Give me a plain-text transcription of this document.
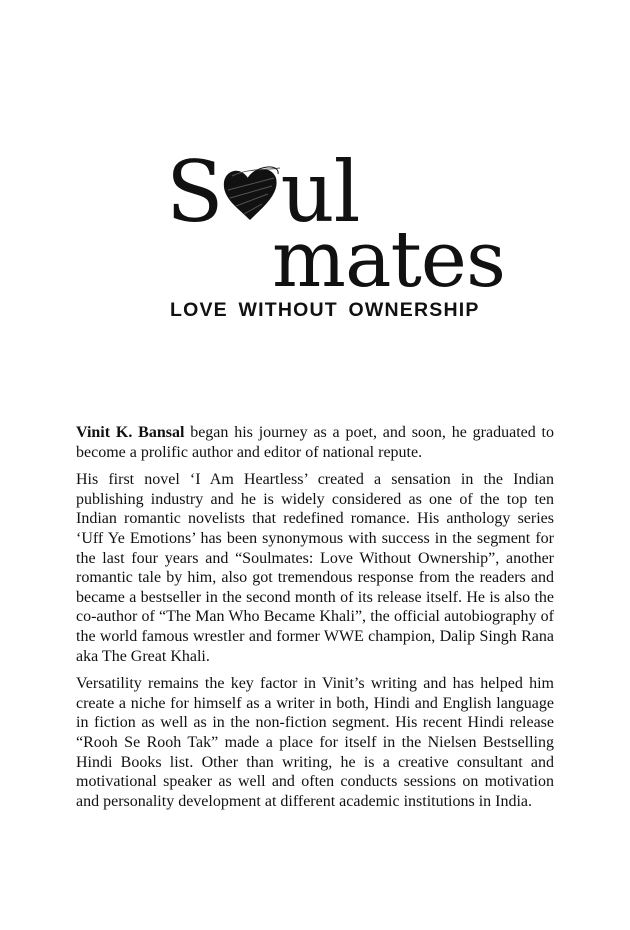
S ul
mates
LOVE WITHOUT OWNERSHIP

Vinit K. Bansal began his journey as a poet, and soon, he graduated to become a prolific author and editor of national repute.

His first novel ‘I Am Heartless’ created a sensation in the Indian publishing industry and he is widely considered as one of the top ten Indian romantic novelists that redefined romance. His anthology series ‘Uff Ye Emotions’ has been synonymous with success in the segment for the last four years and “Soulmates: Love Without Ownership”, another romantic tale by him, also got tremendous response from the readers and became a bestseller in the second month of its release itself. He is also the co-author of “The Man Who Became Khali”, the official autobiography of the world famous wrestler and former WWE champion, Dalip Singh Rana aka The Great Khali.

Versatility remains the key factor in Vinit’s writing and has helped him create a niche for himself as a writer in both, Hindi and English language in fiction as well as in the non-fiction segment. His recent Hindi release “Rooh Se Rooh Tak” made a place for itself in the Nielsen Bestselling Hindi Books list. Other than writing, he is a creative consultant and motivational speaker as well and often conducts sessions on motivation and personality development at different academic institutions in India.
